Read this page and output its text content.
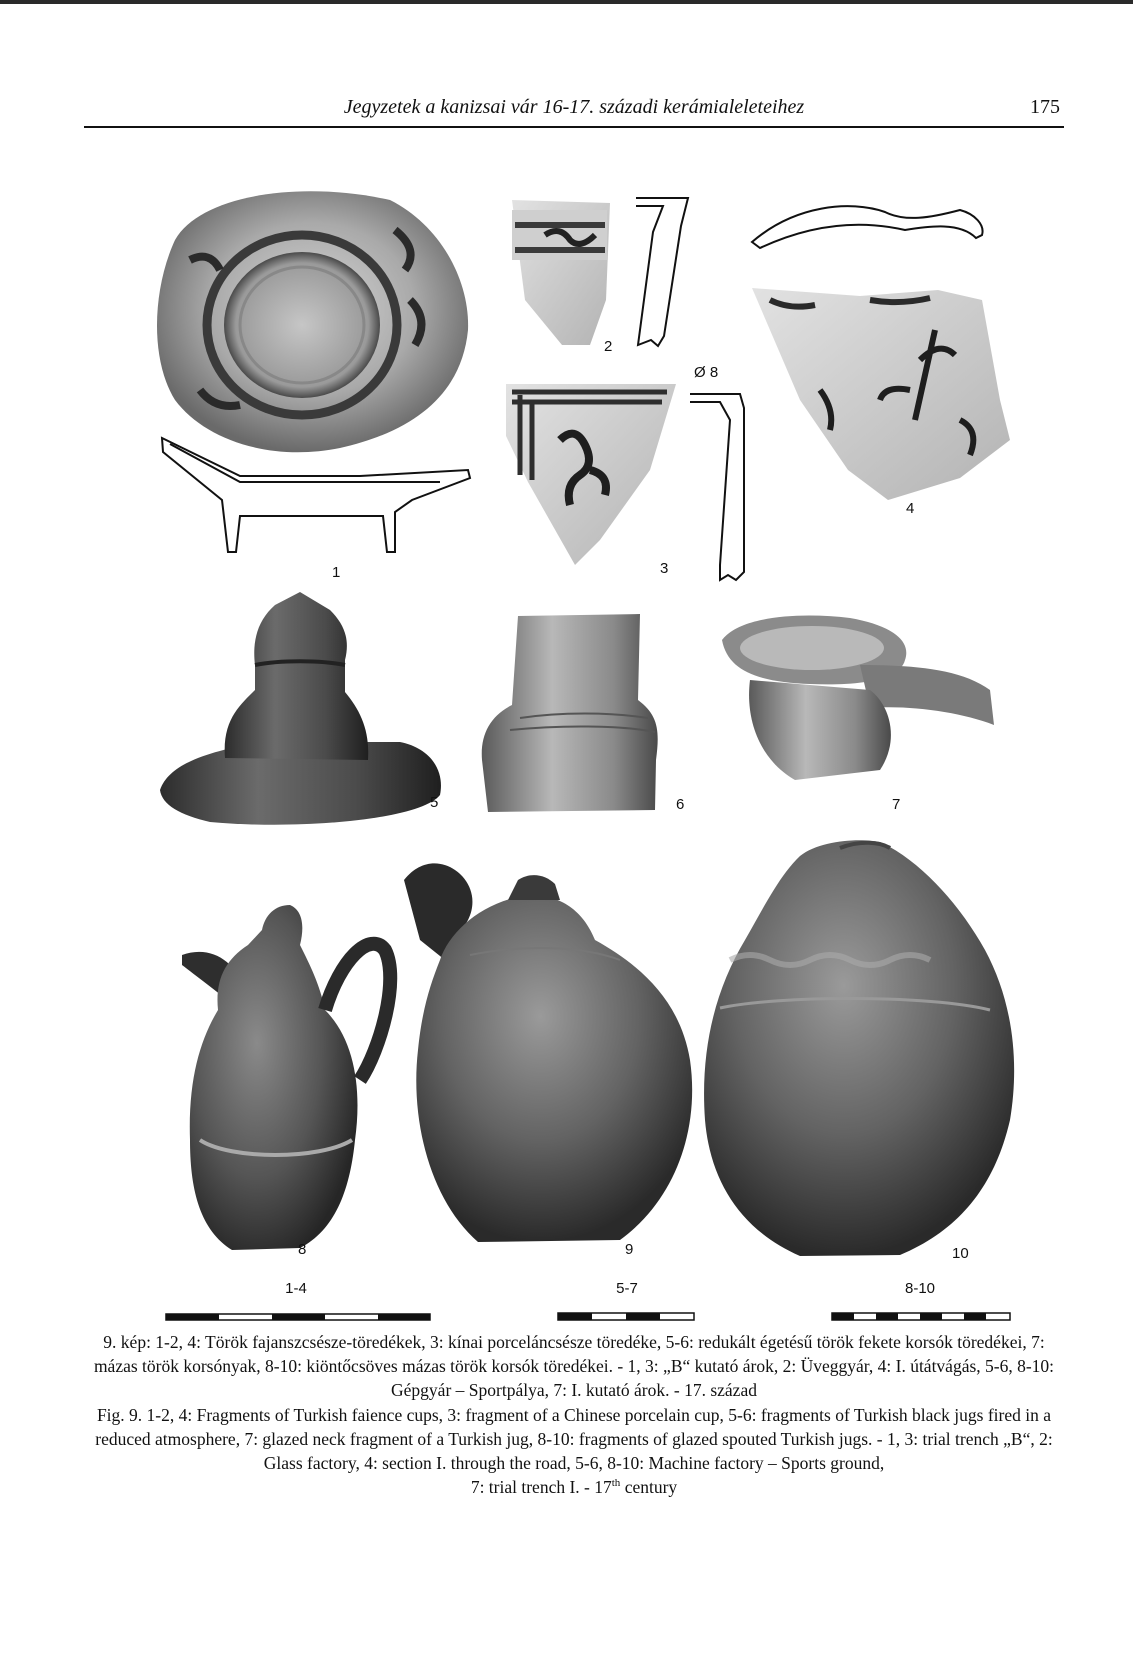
Jegyzetek a kanizsai vár 16-17. századi kerámialeleteihez	175
1
2
3
4
5	6	7
8	9	10
Ø 8
1-4	5-7	8-10

9. kép: 1-2, 4: Török fajanszcsésze-töredékek, 3: kínai porceláncsésze töredéke, 5-6: redukált égetésű török fekete korsók töredékei, 7: mázas török korsónyak, 8-10: kiöntőcsöves mázas török korsók töredékei. - 1, 3: „B“ kutató árok, 2: Üveggyár, 4: I. útátvágás, 5-6, 8-10: Gépgyár – Sportpálya, 7: I. kutató árok. - 17. század

Fig. 9. 1-2, 4: Fragments of Turkish faience cups, 3: fragment of a Chinese porcelain cup, 5-6: fragments of Turkish black jugs fired in a reduced atmosphere, 7: glazed neck fragment of a Turkish jug, 8-10: fragments of glazed spouted Turkish jugs. - 1, 3: trial trench „B“, 2: Glass factory, 4: section I. through the road, 5-6, 8-10: Machine factory – Sports ground,
7: trial trench I. - 17th century
